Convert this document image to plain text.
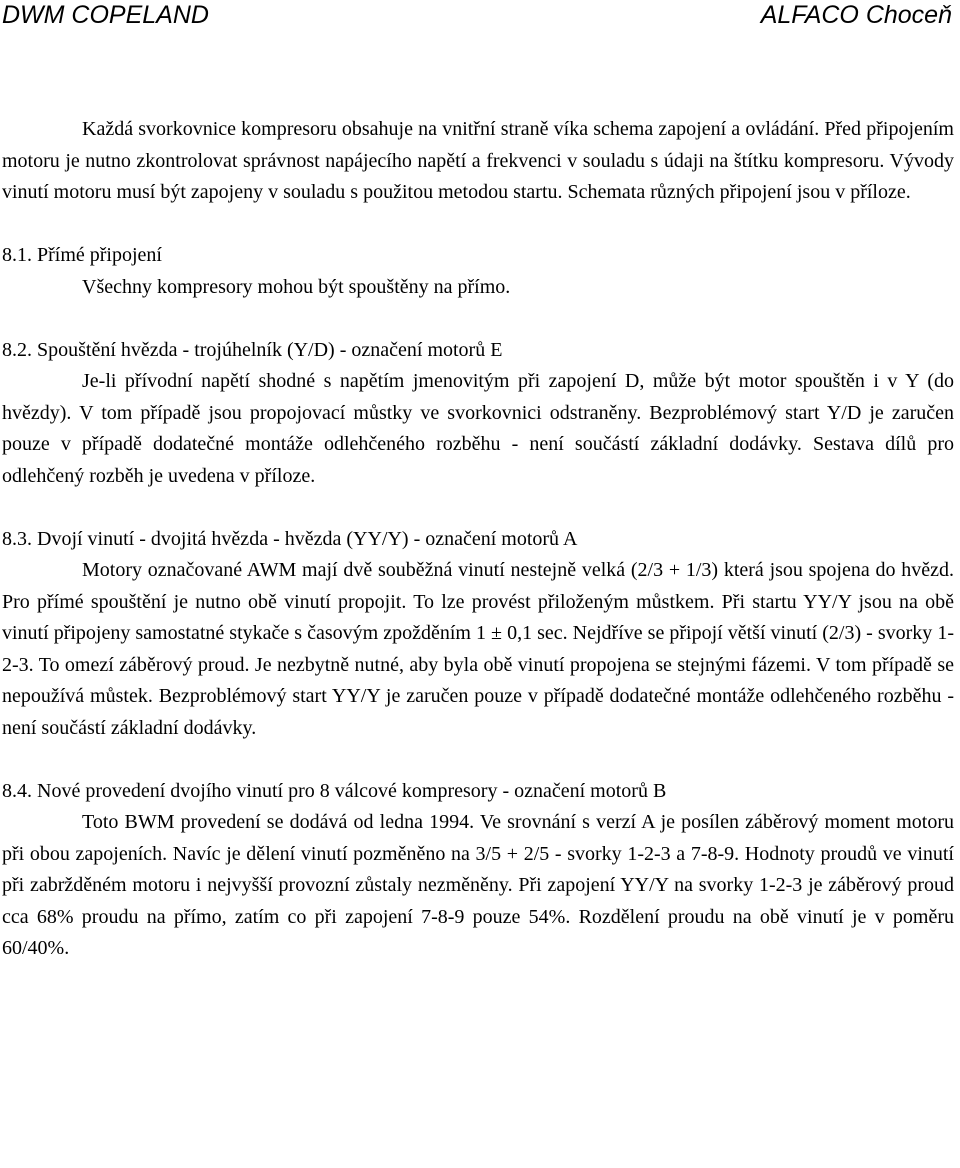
DWM COPELAND	ALFACO Choceň

Každá svorkovnice kompresoru obsahuje na vnitřní straně víka schema zapojení a ovládání. Před připojením motoru je nutno zkontrolovat správnost napájecího napětí a frekvenci v souladu s údaji na štítku kompresoru. Vývody vinutí motoru musí být zapojeny v souladu s použitou metodou startu. Schemata různých připojení jsou v příloze.

8.1. Přímé připojení

Všechny kompresory mohou být spouštěny na přímo.

8.2. Spouštění hvězda - trojúhelník (Y/D) - označení motorů E

Je-li přívodní napětí shodné s napětím jmenovitým při zapojení D, může být motor spouštěn i v Y (do hvězdy). V tom případě jsou propojovací můstky ve svorkovnici odstraněny. Bezproblémový start Y/D je zaručen pouze v případě dodatečné montáže odlehčeného rozběhu - není součástí základní dodávky. Sestava dílů pro odlehčený rozběh je uvedena v příloze.

8.3. Dvojí vinutí - dvojitá hvězda - hvězda (YY/Y) - označení motorů A

Motory označované AWM mají dvě souběžná vinutí nestejně velká (2/3 + 1/3) která jsou spojena do hvězd. Pro přímé spouštění je nutno obě vinutí propojit. To lze provést přiloženým můstkem. Při startu YY/Y jsou na obě vinutí připojeny samostatné stykače s časovým zpožděním 1 ± 0,1 sec. Nejdříve se připojí větší vinutí (2/3) - svorky 1-2-3. To omezí záběrový proud. Je nezbytně nutné, aby byla obě vinutí propojena se stejnými fázemi. V tom případě se nepoužívá můstek. Bezproblémový start YY/Y je zaručen pouze v případě dodatečné montáže odlehčeného rozběhu - není součástí základní dodávky.

8.4. Nové provedení dvojího vinutí pro 8 válcové kompresory - označení motorů B

Toto BWM provedení se dodává od ledna 1994. Ve srovnání s verzí A je posílen záběrový moment motoru při obou zapojeních. Navíc je dělení vinutí pozměněno na 3/5 + 2/5 - svorky 1-2-3 a 7-8-9. Hodnoty proudů ve vinutí při zabržděném motoru i nejvyšší provozní zůstaly nezměněny. Při zapojení YY/Y na svorky 1-2-3 je záběrový proud cca 68% proudu na přímo, zatím co při zapojení 7-8-9 pouze 54%. Rozdělení proudu na obě vinutí je v poměru 60/40%.
